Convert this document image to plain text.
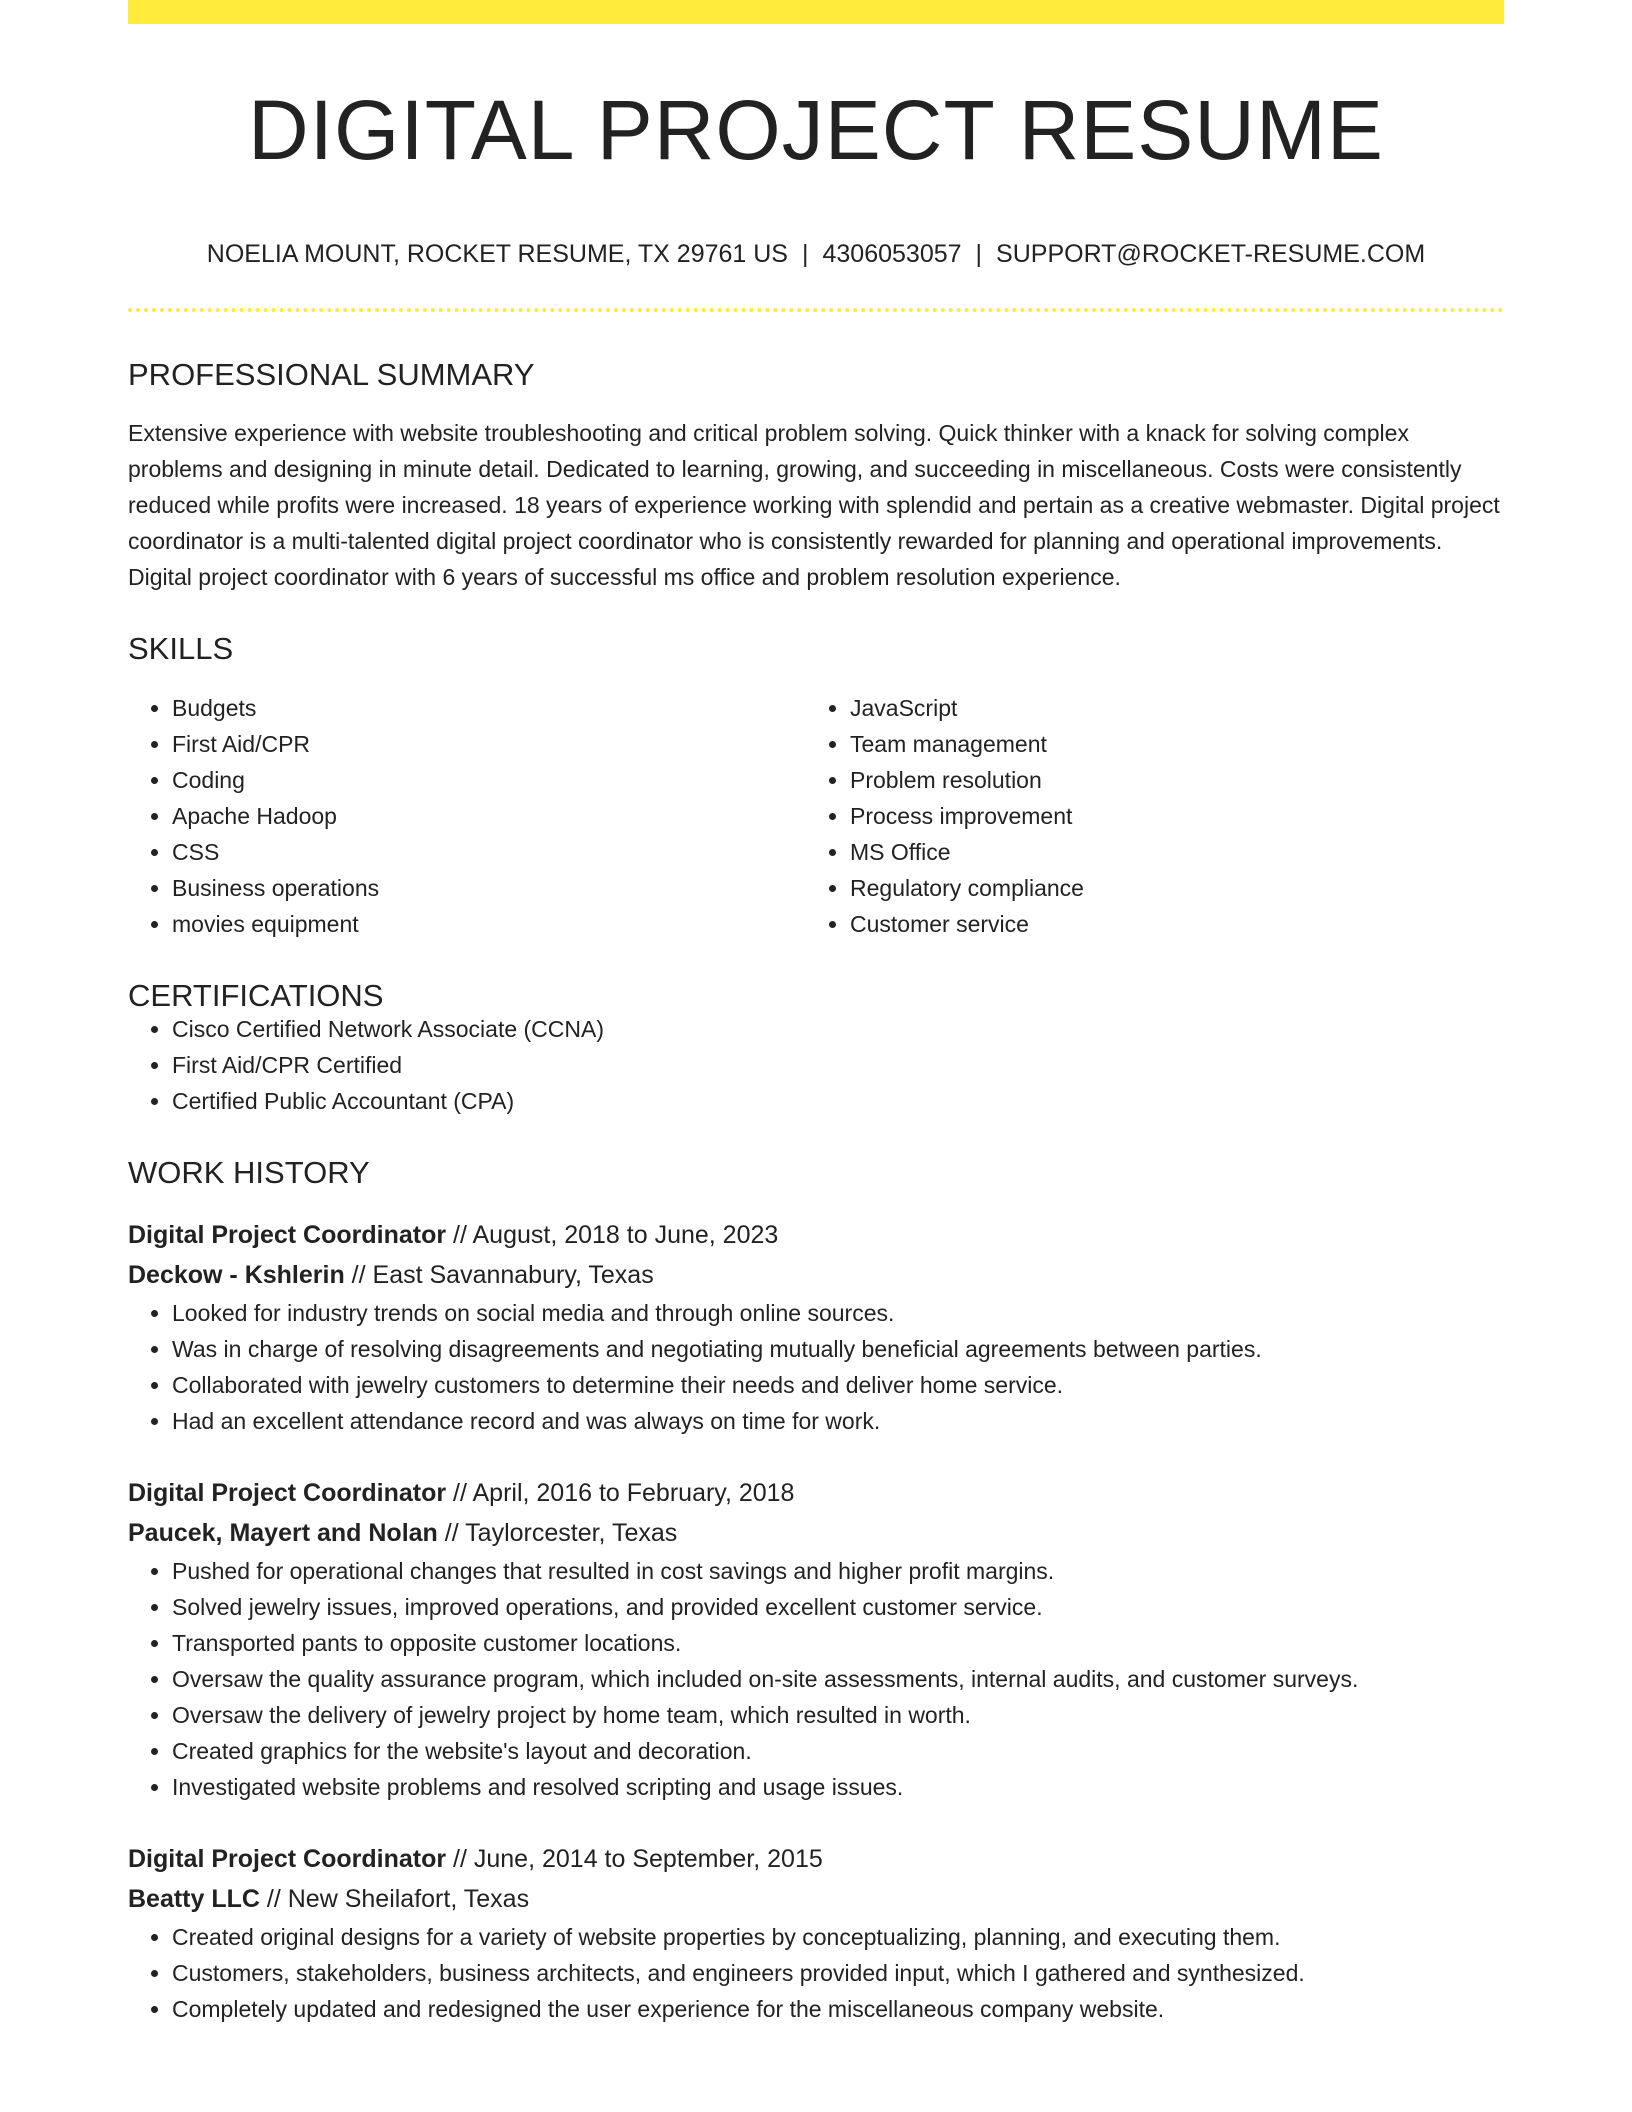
DIGITAL PROJECT RESUME
NOELIA MOUNT, ROCKET RESUME, TX 29761 US | 4306053057 | SUPPORT@ROCKET-RESUME.COM
PROFESSIONAL SUMMARY
Extensive experience with website troubleshooting and critical problem solving. Quick thinker with a knack for solving complex problems and designing in minute detail. Dedicated to learning, growing, and succeeding in miscellaneous. Costs were consistently reduced while profits were increased. 18 years of experience working with splendid and pertain as a creative webmaster. Digital project coordinator is a multi-talented digital project coordinator who is consistently rewarded for planning and operational improvements. Digital project coordinator with 6 years of successful ms office and problem resolution experience.
SKILLS
• Budgets
• First Aid/CPR
• Coding
• Apache Hadoop
• CSS
• Business operations
• movies equipment
• JavaScript
• Team management
• Problem resolution
• Process improvement
• MS Office
• Regulatory compliance
• Customer service
CERTIFICATIONS
• Cisco Certified Network Associate (CCNA)
• First Aid/CPR Certified
• Certified Public Accountant (CPA)
WORK HISTORY
Digital Project Coordinator // August, 2018 to June, 2023
Deckow - Kshlerin // East Savannabury, Texas
• Looked for industry trends on social media and through online sources.
• Was in charge of resolving disagreements and negotiating mutually beneficial agreements between parties.
• Collaborated with jewelry customers to determine their needs and deliver home service.
• Had an excellent attendance record and was always on time for work.
Digital Project Coordinator // April, 2016 to February, 2018
Paucek, Mayert and Nolan // Taylorcester, Texas
• Pushed for operational changes that resulted in cost savings and higher profit margins.
• Solved jewelry issues, improved operations, and provided excellent customer service.
• Transported pants to opposite customer locations.
• Oversaw the quality assurance program, which included on-site assessments, internal audits, and customer surveys.
• Oversaw the delivery of jewelry project by home team, which resulted in worth.
• Created graphics for the website's layout and decoration.
• Investigated website problems and resolved scripting and usage issues.
Digital Project Coordinator // June, 2014 to September, 2015
Beatty LLC // New Sheilafort, Texas
• Created original designs for a variety of website properties by conceptualizing, planning, and executing them.
• Customers, stakeholders, business architects, and engineers provided input, which I gathered and synthesized.
• Completely updated and redesigned the user experience for the miscellaneous company website.
